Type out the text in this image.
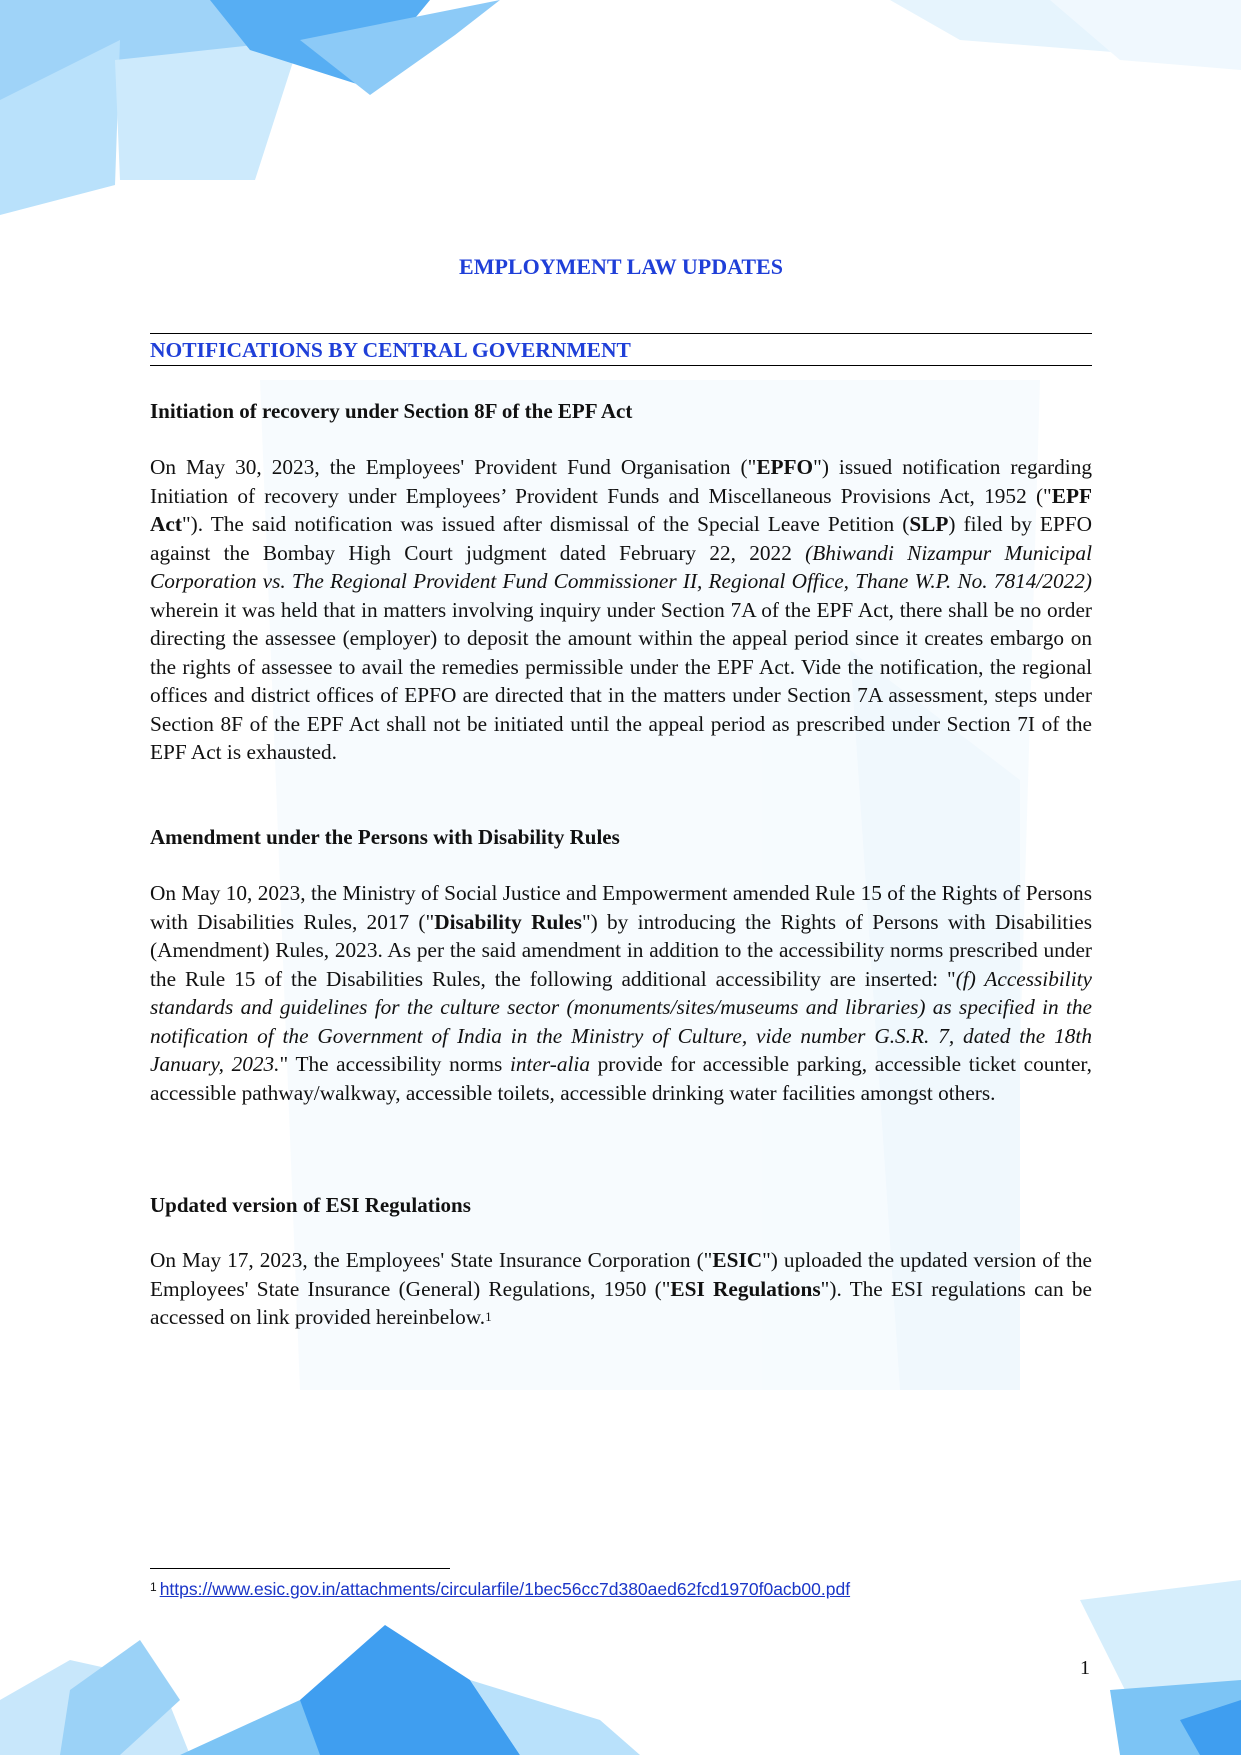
EMPLOYMENT LAW UPDATES
NOTIFICATIONS BY CENTRAL GOVERNMENT
Initiation of recovery under Section 8F of the EPF Act

On May 30, 2023, the Employees' Provident Fund Organisation ("EPFO") issued notification regarding Initiation of recovery under Employees’ Provident Funds and Miscellaneous Provisions Act, 1952 ("EPF Act"). The said notification was issued after dismissal of the Special Leave Petition (SLP) filed by EPFO against the Bombay High Court judgment dated February 22, 2022 (Bhiwandi Nizampur Municipal Corporation vs. The Regional Provident Fund Commissioner II, Regional Office, Thane W.P. No. 7814/2022) wherein it was held that in matters involving inquiry under Section 7A of the EPF Act, there shall be no order directing the assessee (employer) to deposit the amount within the appeal period since it creates embargo on the rights of assessee to avail the remedies permissible under the EPF Act. Vide the notification, the regional offices and district offices of EPFO are directed that in the matters under Section 7A assessment, steps under Section 8F of the EPF Act shall not be initiated until the appeal period as prescribed under Section 7I of the EPF Act is exhausted.

Amendment under the Persons with Disability Rules

On May 10, 2023, the Ministry of Social Justice and Empowerment amended Rule 15 of the Rights of Persons with Disabilities Rules, 2017 ("Disability Rules") by introducing the Rights of Persons with Disabilities (Amendment) Rules, 2023. As per the said amendment in addition to the accessibility norms prescribed under the Rule 15 of the Disabilities Rules, the following additional accessibility are inserted: "(f) Accessibility standards and guidelines for the culture sector (monuments/sites/museums and libraries) as specified in the notification of the Government of India in the Ministry of Culture, vide number G.S.R. 7, dated the 18th January, 2023." The accessibility norms inter-alia provide for accessible parking, accessible ticket counter, accessible pathway/walkway, accessible toilets, accessible drinking water facilities amongst others.

Updated version of ESI Regulations

On May 17, 2023, the Employees' State Insurance Corporation ("ESIC") uploaded the updated version of the Employees' State Insurance (General) Regulations, 1950 ("ESI Regulations"). The ESI regulations can be accessed on link provided hereinbelow.$^1$

$^1$ https://www.esic.gov.in/attachments/circularfile/1bec56cc7d380aed62fcd1970f0acb00.pdf
1
